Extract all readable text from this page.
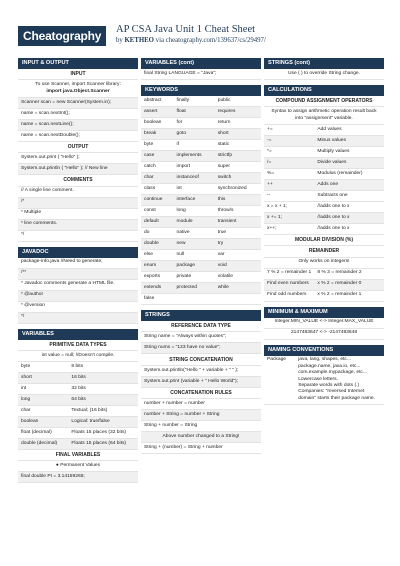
Cheatography	AP CSA Java Unit 1 Cheat Sheet
by KETHEO via cheatography.com/139637/cs/29497/
INPUT & OUTPUT
INPUT
To use Scanner, import Scanner library:
import java.Object.Scanner
Scanner scan = new Scanner(System.in);
name = scan.nextInt();
name = scan.nextLine();
name = scan.nextDouble();
OUTPUT
System.out.print ( "Hello" );
System.out.println ( "Hello" ); // New line
COMMENTS
// A single line comment.
/*
* Multiple
* line comments.
*/
JAVADOC
package-info.java //Need to generate;
/**
* Javadoc comments generate a HTML file.
* @author
* @version
*/
VARIABLES
PRIMITIVE DATA TYPES
int value = null; //Doesn't compile.
byte	8 bits
short	16 bits
int	32 bits
long	64 bits
char	Textual; (16 bits)
boolean	Logical: true/false
float (decimal)	Floats 15 places (32 bits)
double (decimal)	Floats 15 places (64 bits)
FINAL VARIABLES
● Permanent Values
final double PI = 3.14159265;
VARIABLES (cont)
final String LANGUAGE = "Java";
KEYWORDS
abstract	finally	public
assert	float	requires
boolean	for	return
break	goto	short
byte	if	static
case	implements	strictfp
catch	import	super
char	instanceof	switch
class	int	synchronized
continue	interface	this
const	long	throw/s
default	module	transient
do	native	true
double	new	try
else	null	var
enum	package	void
exports	private	volatile
extends	protected	while
false		
STRINGS
REFERENCE DATA TYPE
String name = "Always within quotes";
String nums = "123 have no value";
STRING CONCATENATION
System.out.println("Hello " + variable + " " );
System.out.print (variable + " Hello World");
CONCATENATION RULES
number + number = number
number + String = number + String
String + number = String
Above number changed to a String!
String + (number) = String + number
STRINGS (cont)
Use ( ) to override String change.
CALCULATIONS
COMPOUND ASSIGNMENT OPERATORS
Syntax to assign arithmetic operation result back into "assignment" variable.
+=	Add values
-=	Minus values
*=	Multiply values
/=	Divide values
%=	Modulus (remainder)
++	Adds one
--	Subtracts one
x = x + 1;	//adds one to x
x += 1;	//adds one to x
x++;	//adds one to x
MODULAR DIVISION (%)
REMAINDER
Only works on integers!
7 % 2 = remainder 1	8 % 3 = remainder 2
Find even numbers	x % 2 = remainder 0
Find odd numbers	x % 2 = remainder 1
MINIMUM & MAXIMUM
Integer.MIN_VALUE <-> Integer.MAX_VALUE
2147483647 <-> -2147483648
NAMING CONVENTIONS
Package	java, lang, shapes, etc...
package.name, java.io, etc...
com.example.mypackage, etc...
Lowercase letters.
Separate words with dots (.)
Companies: "reversed Internet domain" starts their package name.
